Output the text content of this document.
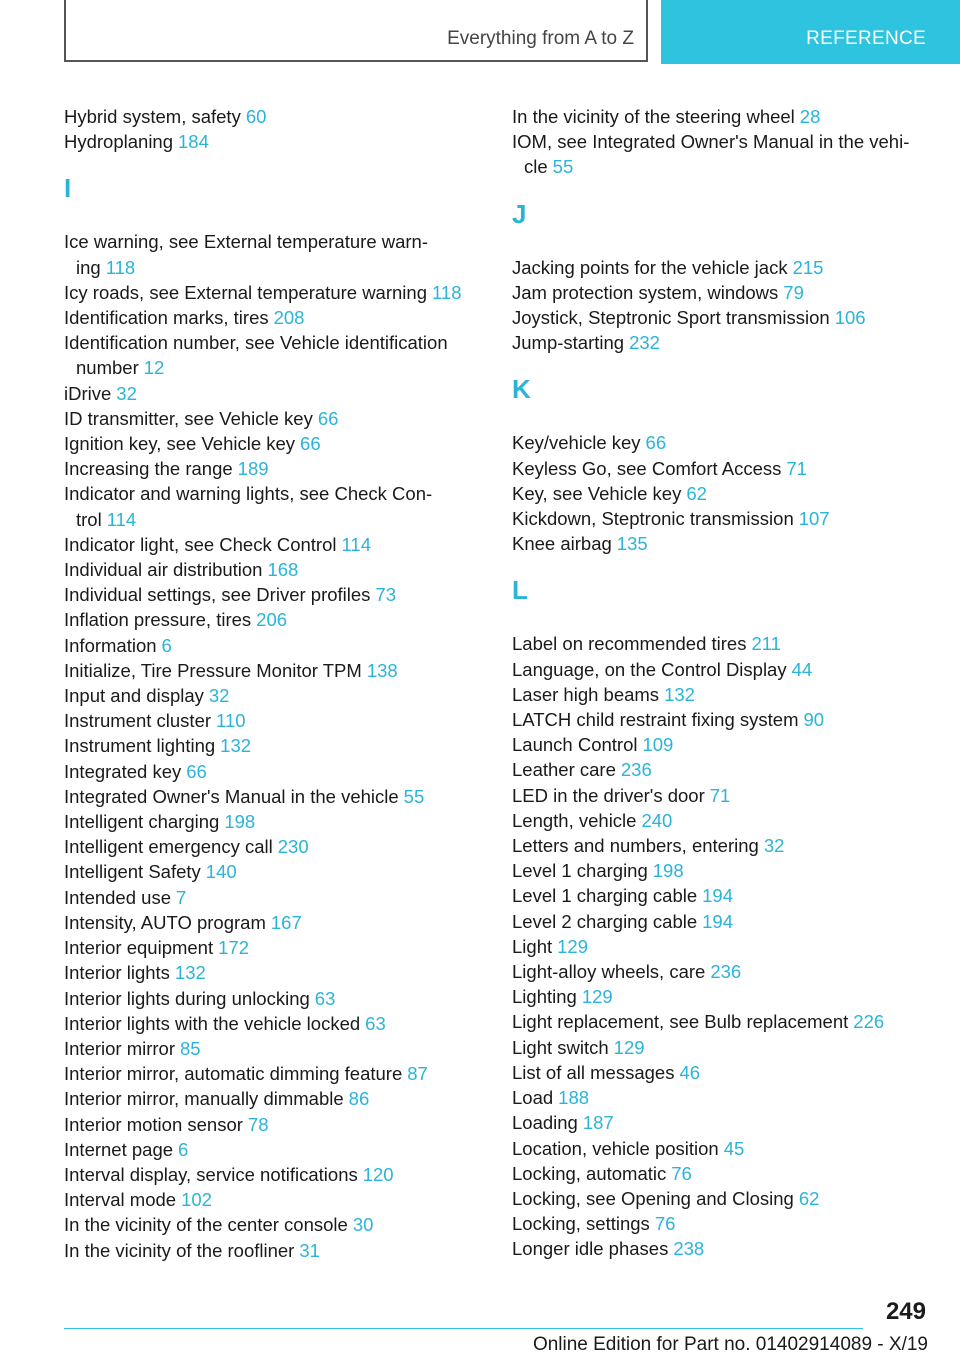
Everything from A to Z	REFERENCE
Hybrid system, safety 60
Hydroplaning 184
I
Ice warning, see External temperature warn-ing 118
Icy roads, see External temperature warning 118
Identification marks, tires 208
Identification number, see Vehicle identification number 12
iDrive 32
ID transmitter, see Vehicle key 66
Ignition key, see Vehicle key 66
Increasing the range 189
Indicator and warning lights, see Check Con-trol 114
Indicator light, see Check Control 114
Individual air distribution 168
Individual settings, see Driver profiles 73
Inflation pressure, tires 206
Information 6
Initialize, Tire Pressure Monitor TPM 138
Input and display 32
Instrument cluster 110
Instrument lighting 132
Integrated key 66
Integrated Owner's Manual in the vehicle 55
Intelligent charging 198
Intelligent emergency call 230
Intelligent Safety 140
Intended use 7
Intensity, AUTO program 167
Interior equipment 172
Interior lights 132
Interior lights during unlocking 63
Interior lights with the vehicle locked 63
Interior mirror 85
Interior mirror, automatic dimming feature 87
Interior mirror, manually dimmable 86
Interior motion sensor 78
Internet page 6
Interval display, service notifications 120
Interval mode 102
In the vicinity of the center console 30
In the vicinity of the roofliner 31
In the vicinity of the steering wheel 28
IOM, see Integrated Owner's Manual in the vehi-cle 55
J
Jacking points for the vehicle jack 215
Jam protection system, windows 79
Joystick, Steptronic Sport transmission 106
Jump-starting 232
K
Key/vehicle key 66
Keyless Go, see Comfort Access 71
Key, see Vehicle key 62
Kickdown, Steptronic transmission 107
Knee airbag 135
L
Label on recommended tires 211
Language, on the Control Display 44
Laser high beams 132
LATCH child restraint fixing system 90
Launch Control 109
Leather care 236
LED in the driver's door 71
Length, vehicle 240
Letters and numbers, entering 32
Level 1 charging 198
Level 1 charging cable 194
Level 2 charging cable 194
Light 129
Light-alloy wheels, care 236
Lighting 129
Light replacement, see Bulb replacement 226
Light switch 129
List of all messages 46
Load 188
Loading 187
Location, vehicle position 45
Locking, automatic 76
Locking, see Opening and Closing 62
Locking, settings 76
Longer idle phases 238
249
Online Edition for Part no. 01402914089 - X/19
